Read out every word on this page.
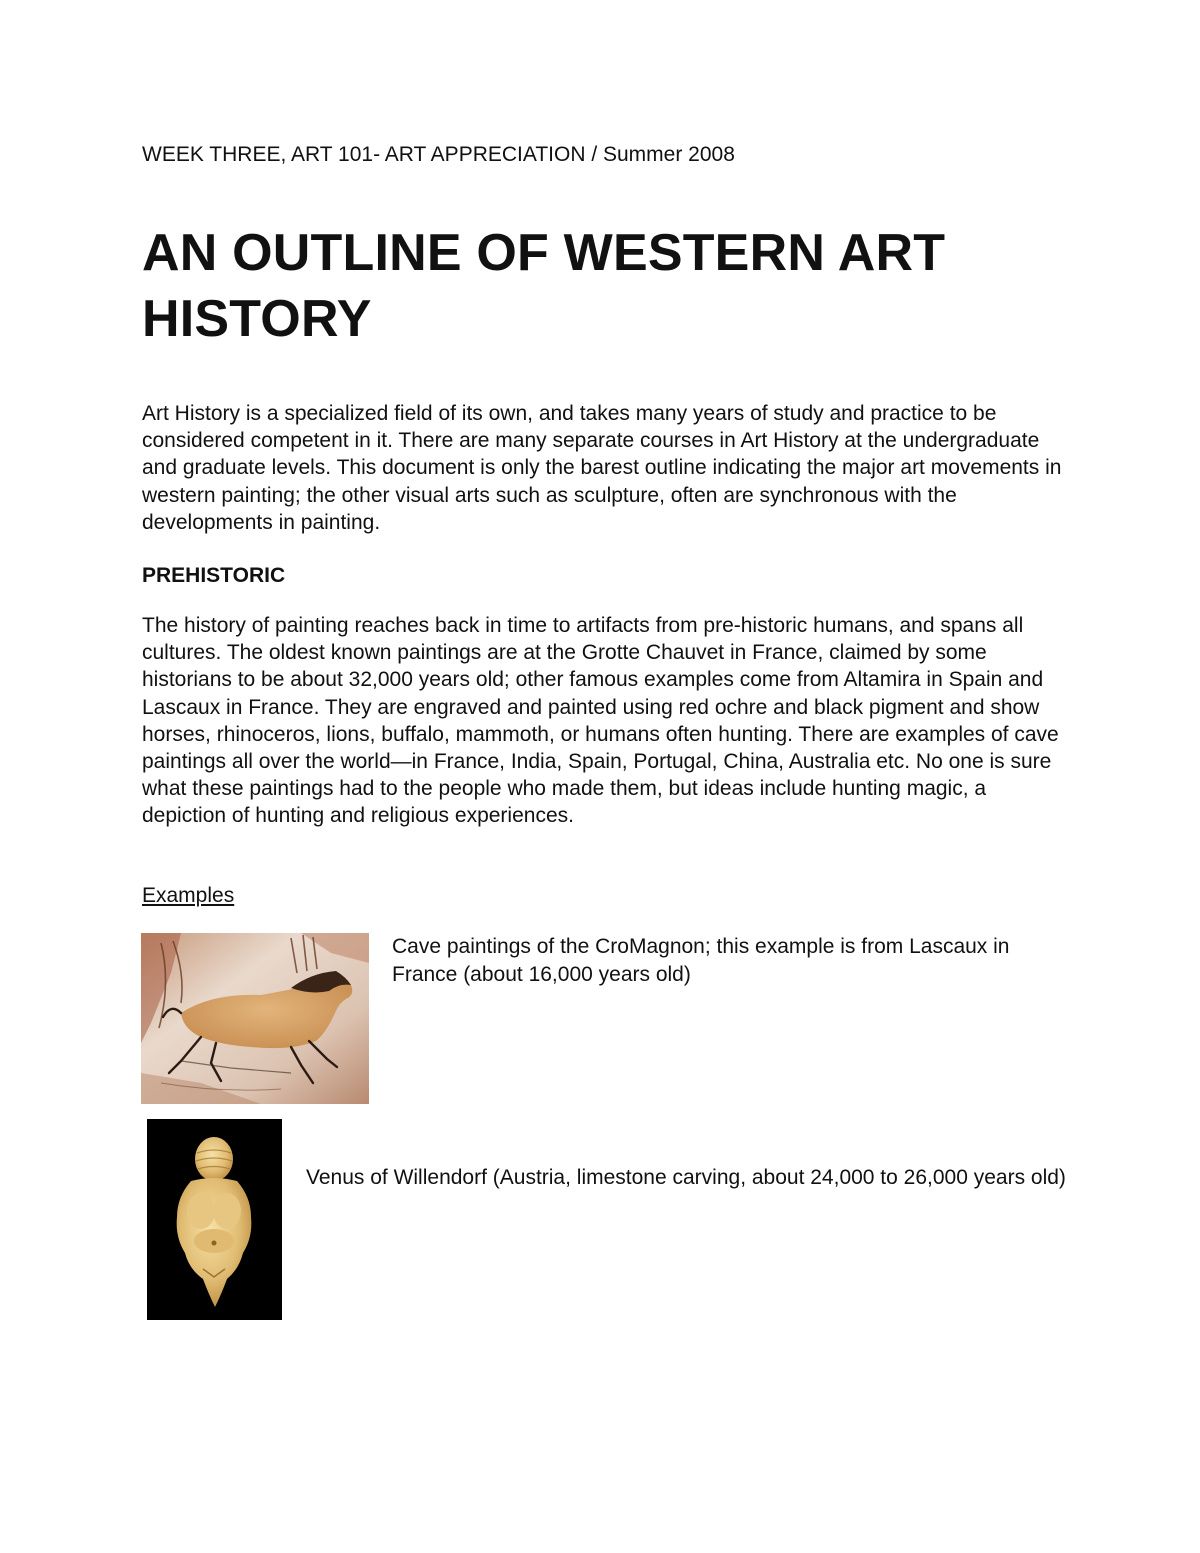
WEEK THREE, ART 101- ART APPRECIATION / Summer 2008
AN OUTLINE OF WESTERN ART HISTORY

Art History is a specialized field of its own, and takes many years of study and practice to be considered competent in it. There are many separate courses in Art History at the undergraduate and graduate levels. This document is only the barest outline indicating the major art movements in western painting; the other visual arts such as sculpture, often are synchronous with the developments in painting.

PREHISTORIC

The history of painting reaches back in time to artifacts from pre-historic humans, and spans all cultures. The oldest known paintings are at the Grotte Chauvet in France, claimed by some historians to be about 32,000 years old; other famous examples come from Altamira in Spain and Lascaux in France. They are engraved and painted using red ochre and black pigment and show horses, rhinoceros, lions, buffalo, mammoth, or humans often hunting. There are examples of cave paintings all over the world—in France, India, Spain, Portugal, China, Australia etc. No one is sure what these paintings had to the people who made them, but ideas include hunting magic, a depiction of hunting and religious experiences.

Examples
Cave paintings of the CroMagnon; this example is from Lascaux in France (about 16,000 years old)
Venus of Willendorf (Austria, limestone carving, about 24,000 to 26,000 years old)
